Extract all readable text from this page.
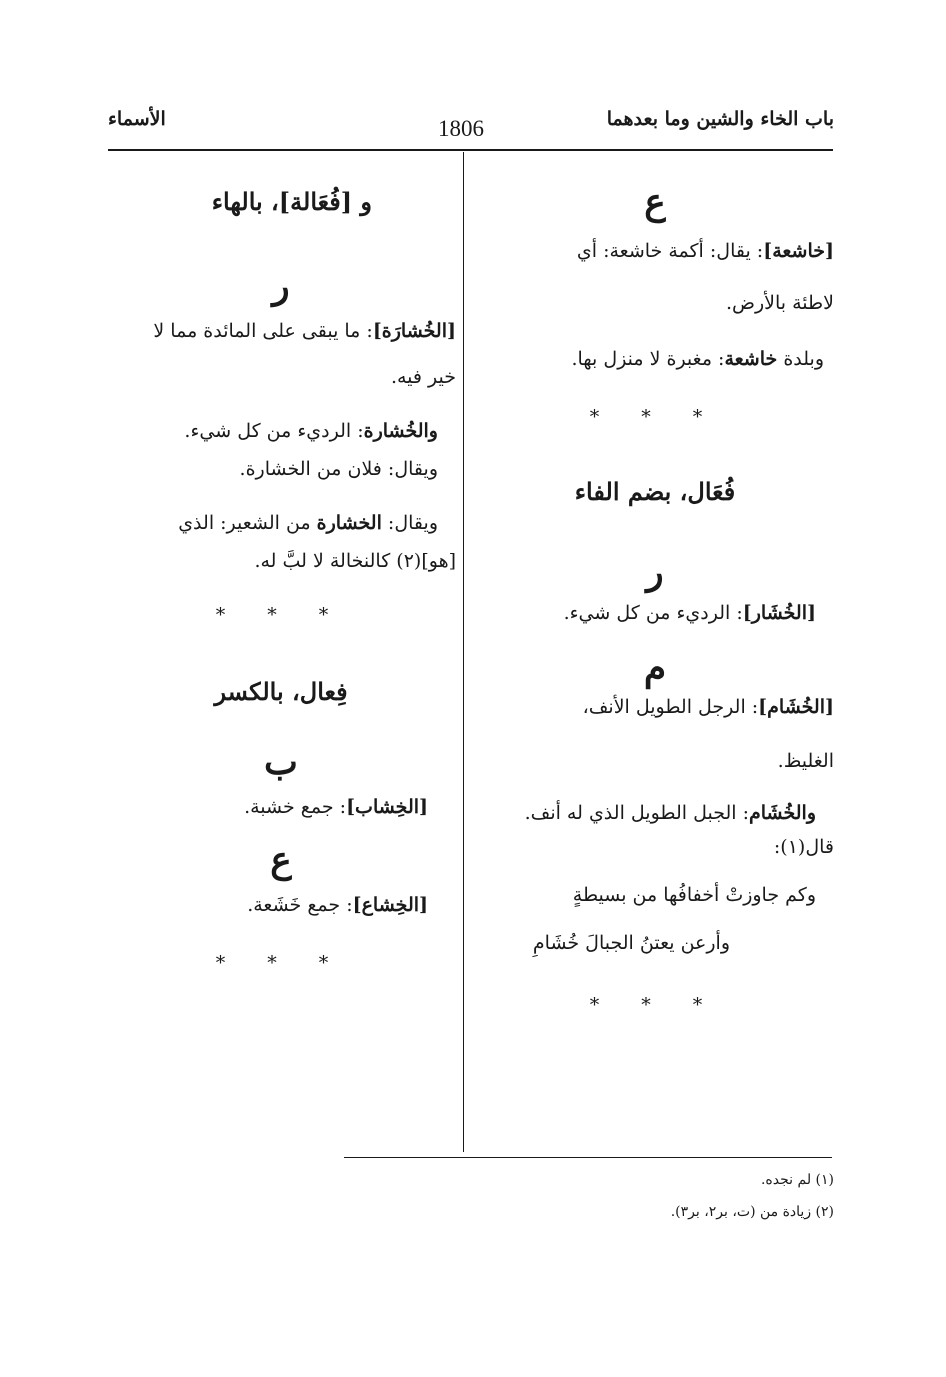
باب الخاء والشين وما بعدهما
1806
الأسماء
ع
[خاشعة]: يقال: أكمة خاشعة: أي
لاطئة بالأرض.
وبلدة خاشعة: مغبرة لا منزل بها.
* * *
فُعَال، بضم الفاء
ر
[الخُشَار]: الرديء من كل شيء.
م
[الخُشَام]: الرجل الطويل الأنف،
الغليظ.
والخُشَام: الجبل الطويل الذي له أنف.
قال(١):
وكم جاوزتْ أخفافُها من بسيطةٍ
وأرعن يعتنُ الجبالَ خُشَامِ
* * *
و [فُعَالة]، بالهاء
ر
[الخُشارَة]: ما يبقى على المائدة مما لا
خير فيه.
والخُشارة: الرديء من كل شيء.
ويقال: فلان من الخشارة.
ويقال: الخشارة من الشعير: الذي
[هو](٢) كالنخالة لا لبَّ له.
* * *
فِعال، بالكسر
ب
[الخِشاب]: جمع خشبة.
ع
[الخِشاع]: جمع خَشَعة.
* * *
(١) لم نجده.
(٢) زيادة من (ت، بر٢، بر٣).
